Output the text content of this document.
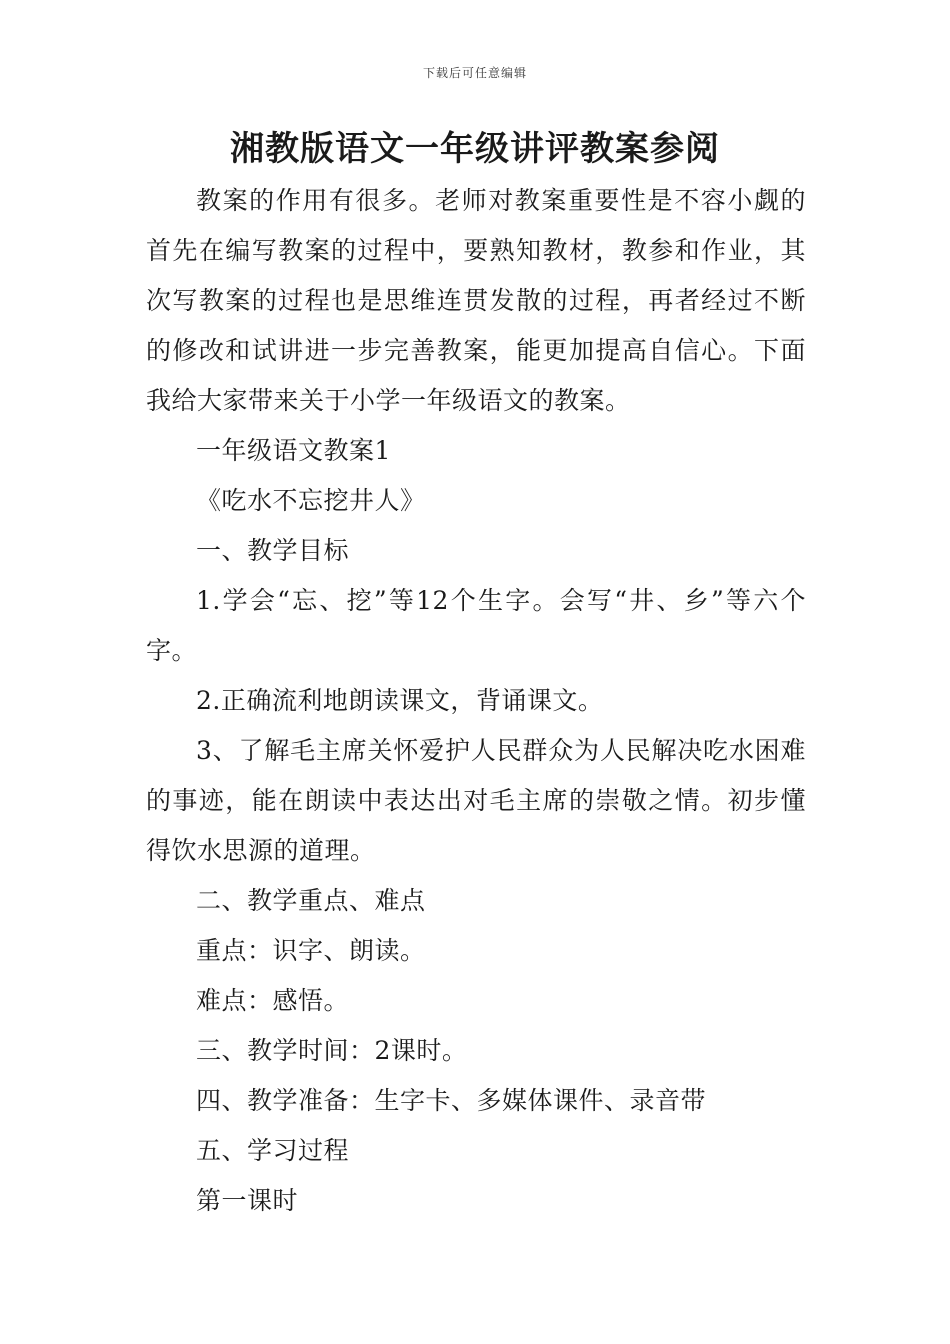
下载后可任意编辑
湘教版语文一年级讲评教案参阅

教案的作用有很多。老师对教案重要性是不容小觑的首先在编写教案的过程中，要熟知教材，教参和作业，其次写教案的过程也是思维连贯发散的过程，再者经过不断的修改和试讲进一步完善教案，能更加提高自信心。下面我给大家带来关于小学一年级语文的教案。

一年级语文教案1

《吃水不忘挖井人》

一、教学目标

1.学会“忘、挖”等12个生字。会写“井、乡”等六个字。

2.正确流利地朗读课文，背诵课文。

3、了解毛主席关怀爱护人民群众为人民解决吃水困难的事迹，能在朗读中表达出对毛主席的崇敬之情。初步懂得饮水思源的道理。

二、教学重点、难点

重点：识字、朗读。

难点：感悟。

三、教学时间：2课时。

四、教学准备：生字卡、多媒体课件、录音带

五、学习过程

第一课时
